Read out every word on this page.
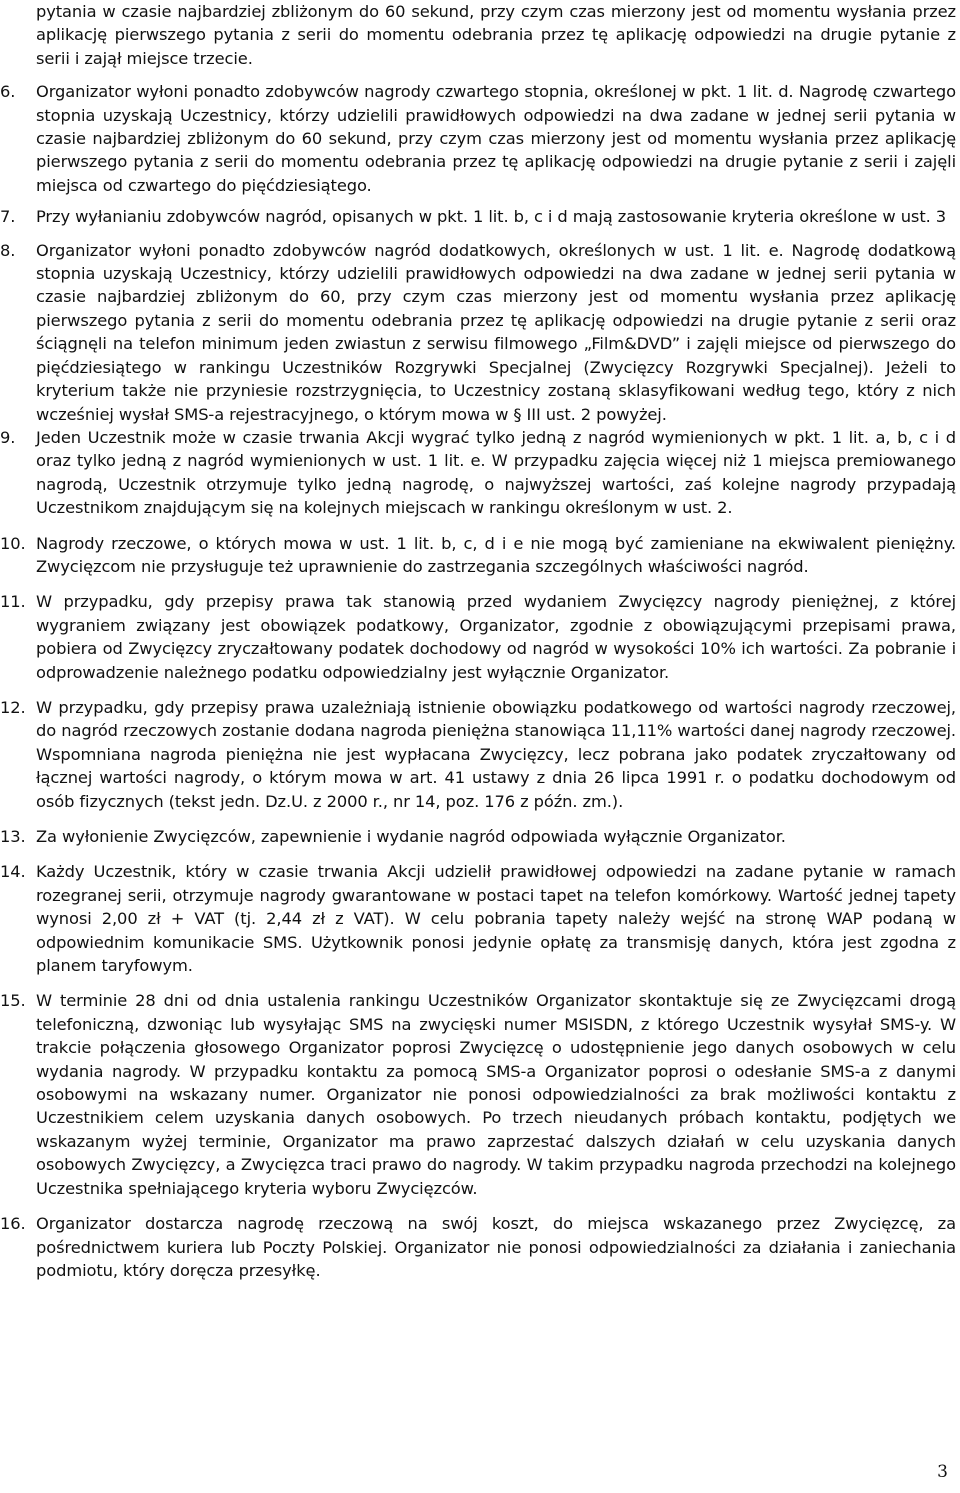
pytania w czasie najbardziej zbliżonym do 60 sekund, przy czym czas mierzony jest od momentu wysłania przez aplikację pierwszego pytania z serii do momentu odebrania przez tę aplikację odpowiedzi na drugie pytanie z serii i zajął miejsce trzecie.

6.	Organizator wyłoni ponadto zdobywców nagrody czwartego stopnia, określonej w pkt. 1 lit. d. Nagrodę czwartego stopnia uzyskają Uczestnicy, którzy udzielili prawidłowych odpowiedzi na dwa zadane w jednej serii pytania w czasie najbardziej zbliżonym do 60 sekund, przy czym czas mierzony jest od momentu wysłania przez aplikację pierwszego pytania z serii do momentu odebrania przez tę aplikację odpowiedzi na drugie pytanie z serii i zajęli miejsca od czwartego do pięćdziesiątego.
7.	Przy wyłanianiu zdobywców nagród, opisanych w pkt. 1 lit. b, c i d mają zastosowanie kryteria określone w ust. 3
8.	Organizator wyłoni ponadto zdobywców nagród dodatkowych, określonych w ust. 1 lit. e. Nagrodę dodatkową stopnia uzyskają Uczestnicy, którzy udzielili prawidłowych odpowiedzi na dwa zadane w jednej serii pytania w czasie najbardziej zbliżonym do 60, przy czym czas mierzony jest od momentu wysłania przez aplikację pierwszego pytania z serii do momentu odebrania przez tę aplikację odpowiedzi na drugie pytanie z serii oraz ściągnęli na telefon minimum jeden zwiastun z serwisu filmowego „Film&DVD” i zajęli miejsce od pierwszego do pięćdziesiątego w rankingu Uczestników Rozgrywki Specjalnej (Zwycięzcy Rozgrywki Specjalnej). Jeżeli to kryterium także nie przyniesie rozstrzygnięcia, to Uczestnicy zostaną sklasyfikowani według tego, który z nich wcześniej wysłał SMS-a rejestracyjnego, o którym mowa w § III ust. 2 powyżej.
9.	Jeden Uczestnik może w czasie trwania Akcji wygrać tylko jedną z nagród wymienionych w pkt. 1 lit. a, b, c i d oraz tylko jedną z nagród wymienionych w ust. 1 lit. e. W przypadku zajęcia więcej niż 1 miejsca premiowanego nagrodą, Uczestnik otrzymuje tylko jedną nagrodę, o najwyższej wartości, zaś kolejne nagrody przypadają Uczestnikom znajdującym się na kolejnych miejscach w rankingu określonym w ust. 2.
10. Nagrody rzeczowe, o których mowa w ust. 1 lit. b, c, d i e nie mogą być zamieniane na ekwiwalent pieniężny. Zwycięzcom nie przysługuje też uprawnienie do zastrzegania szczególnych właściwości nagród.
11. W przypadku, gdy przepisy prawa tak stanowią przed wydaniem Zwycięzcy nagrody pieniężnej, z której wygraniem związany jest obowiązek podatkowy, Organizator, zgodnie z obowiązującymi przepisami prawa, pobiera od Zwycięzcy zryczałtowany podatek dochodowy od nagród w wysokości 10% ich wartości. Za pobranie i odprowadzenie należnego podatku odpowiedzialny jest wyłącznie Organizator.
12. W przypadku, gdy przepisy prawa uzależniają istnienie obowiązku podatkowego od wartości nagrody rzeczowej, do nagród rzeczowych zostanie dodana nagroda pieniężna stanowiąca 11,11% wartości danej nagrody rzeczowej. Wspomniana nagroda pieniężna nie jest wypłacana Zwycięzcy, lecz pobrana jako podatek zryczałtowany od łącznej wartości nagrody, o którym mowa w art. 41 ustawy z dnia 26 lipca 1991 r. o podatku dochodowym od osób fizycznych (tekst jedn. Dz.U. z 2000 r., nr 14, poz. 176 z późn. zm.).
13. Za wyłonienie Zwycięzców, zapewnienie i wydanie nagród odpowiada wyłącznie Organizator.
14. Każdy Uczestnik, który w czasie trwania Akcji udzielił prawidłowej odpowiedzi na zadane pytanie w ramach rozegranej serii, otrzymuje nagrody gwarantowane w postaci tapet na telefon komórkowy. Wartość jednej tapety wynosi 2,00 zł + VAT (tj. 2,44 zł z VAT). W celu pobrania tapety należy wejść na stronę WAP podaną w odpowiednim komunikacie SMS. Użytkownik ponosi jedynie opłatę za transmisję danych, która jest zgodna z planem taryfowym.
15. W terminie 28 dni od dnia ustalenia rankingu Uczestników Organizator skontaktuje się ze Zwycięzcami drogą telefoniczną, dzwoniąc lub wysyłając SMS na zwycięski numer MSISDN, z którego Uczestnik wysyłał SMS-y. W trakcie połączenia głosowego Organizator poprosi Zwycięzcę o udostępnienie jego danych osobowych w celu wydania nagrody. W przypadku kontaktu za pomocą SMS-a Organizator poprosi o odesłanie SMS-a z danymi osobowymi na wskazany numer. Organizator nie ponosi odpowiedzialności za brak możliwości kontaktu z Uczestnikiem celem uzyskania danych osobowych. Po trzech nieudanych próbach kontaktu, podjętych we wskazanym wyżej terminie, Organizator ma prawo zaprzestać dalszych działań w celu uzyskania danych osobowych Zwycięzcy, a Zwycięzca traci prawo do nagrody. W takim przypadku nagroda przechodzi na kolejnego Uczestnika spełniającego kryteria wyboru Zwycięzców.
16. Organizator dostarcza nagrodę rzeczową na swój koszt, do miejsca wskazanego przez Zwycięzcę, za pośrednictwem kuriera lub Poczty Polskiej. Organizator nie ponosi odpowiedzialności za działania i zaniechania podmiotu, który doręcza przesyłkę.
3
